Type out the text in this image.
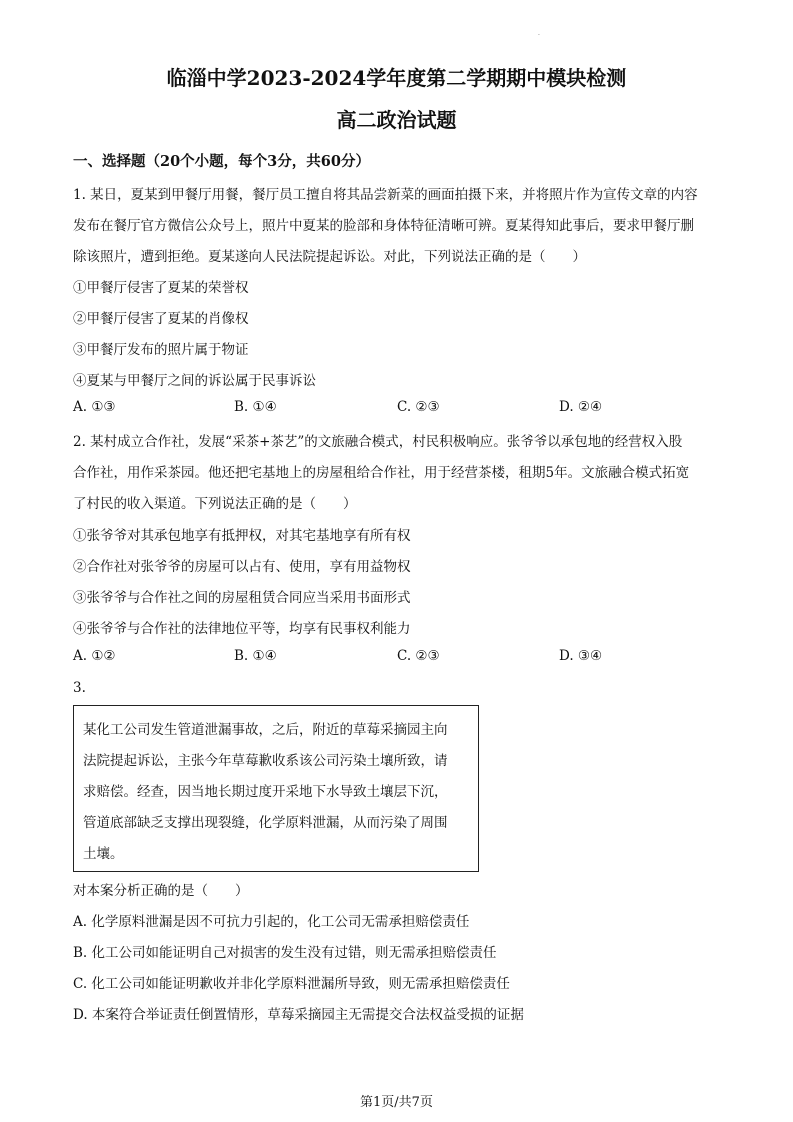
.
临淄中学2023-2024学年度第二学期期中模块检测
高二政治试题
一、选择题（20个小题，每个3分，共60分）
1. 某日，夏某到甲餐厅用餐，餐厅员工擅自将其品尝新菜的画面拍摄下来，并将照片作为宣传文章的内容
发布在餐厅官方微信公众号上，照片中夏某的脸部和身体特征清晰可辨。夏某得知此事后，要求甲餐厅删
除该照片，遭到拒绝。夏某遂向人民法院提起诉讼。对此，下列说法正确的是（　　）
①甲餐厅侵害了夏某的荣誉权
②甲餐厅侵害了夏某的肖像权
③甲餐厅发布的照片属于物证
④夏某与甲餐厅之间的诉讼属于民事诉讼
A. ①③	B. ①④	C. ②③	D. ②④
2. 某村成立合作社，发展“采茶+茶艺”的文旅融合模式，村民积极响应。张爷爷以承包地的经营权入股
合作社，用作采茶园。他还把宅基地上的房屋租给合作社，用于经营茶楼，租期5年。文旅融合模式拓宽
了村民的收入渠道。下列说法正确的是（　　）
①张爷爷对其承包地享有抵押权，对其宅基地享有所有权
②合作社对张爷爷的房屋可以占有、使用，享有用益物权
③张爷爷与合作社之间的房屋租赁合同应当采用书面形式
④张爷爷与合作社的法律地位平等，均享有民事权利能力
A. ①②	B. ①④	C. ②③	D. ③④
3.
某化工公司发生管道泄漏事故，之后，附近的草莓采摘园主向
法院提起诉讼，主张今年草莓歉收系该公司污染土壤所致，请
求赔偿。经查，因当地长期过度开采地下水导致土壤层下沉，
管道底部缺乏支撑出现裂缝，化学原料泄漏，从而污染了周围
土壤。
对本案分析正确的是（　　）
A. 化学原料泄漏是因不可抗力引起的，化工公司无需承担赔偿责任
B. 化工公司如能证明自己对损害的发生没有过错，则无需承担赔偿责任
C. 化工公司如能证明歉收并非化学原料泄漏所导致，则无需承担赔偿责任
D. 本案符合举证责任倒置情形，草莓采摘园主无需提交合法权益受损的证据
第1页/共7页
